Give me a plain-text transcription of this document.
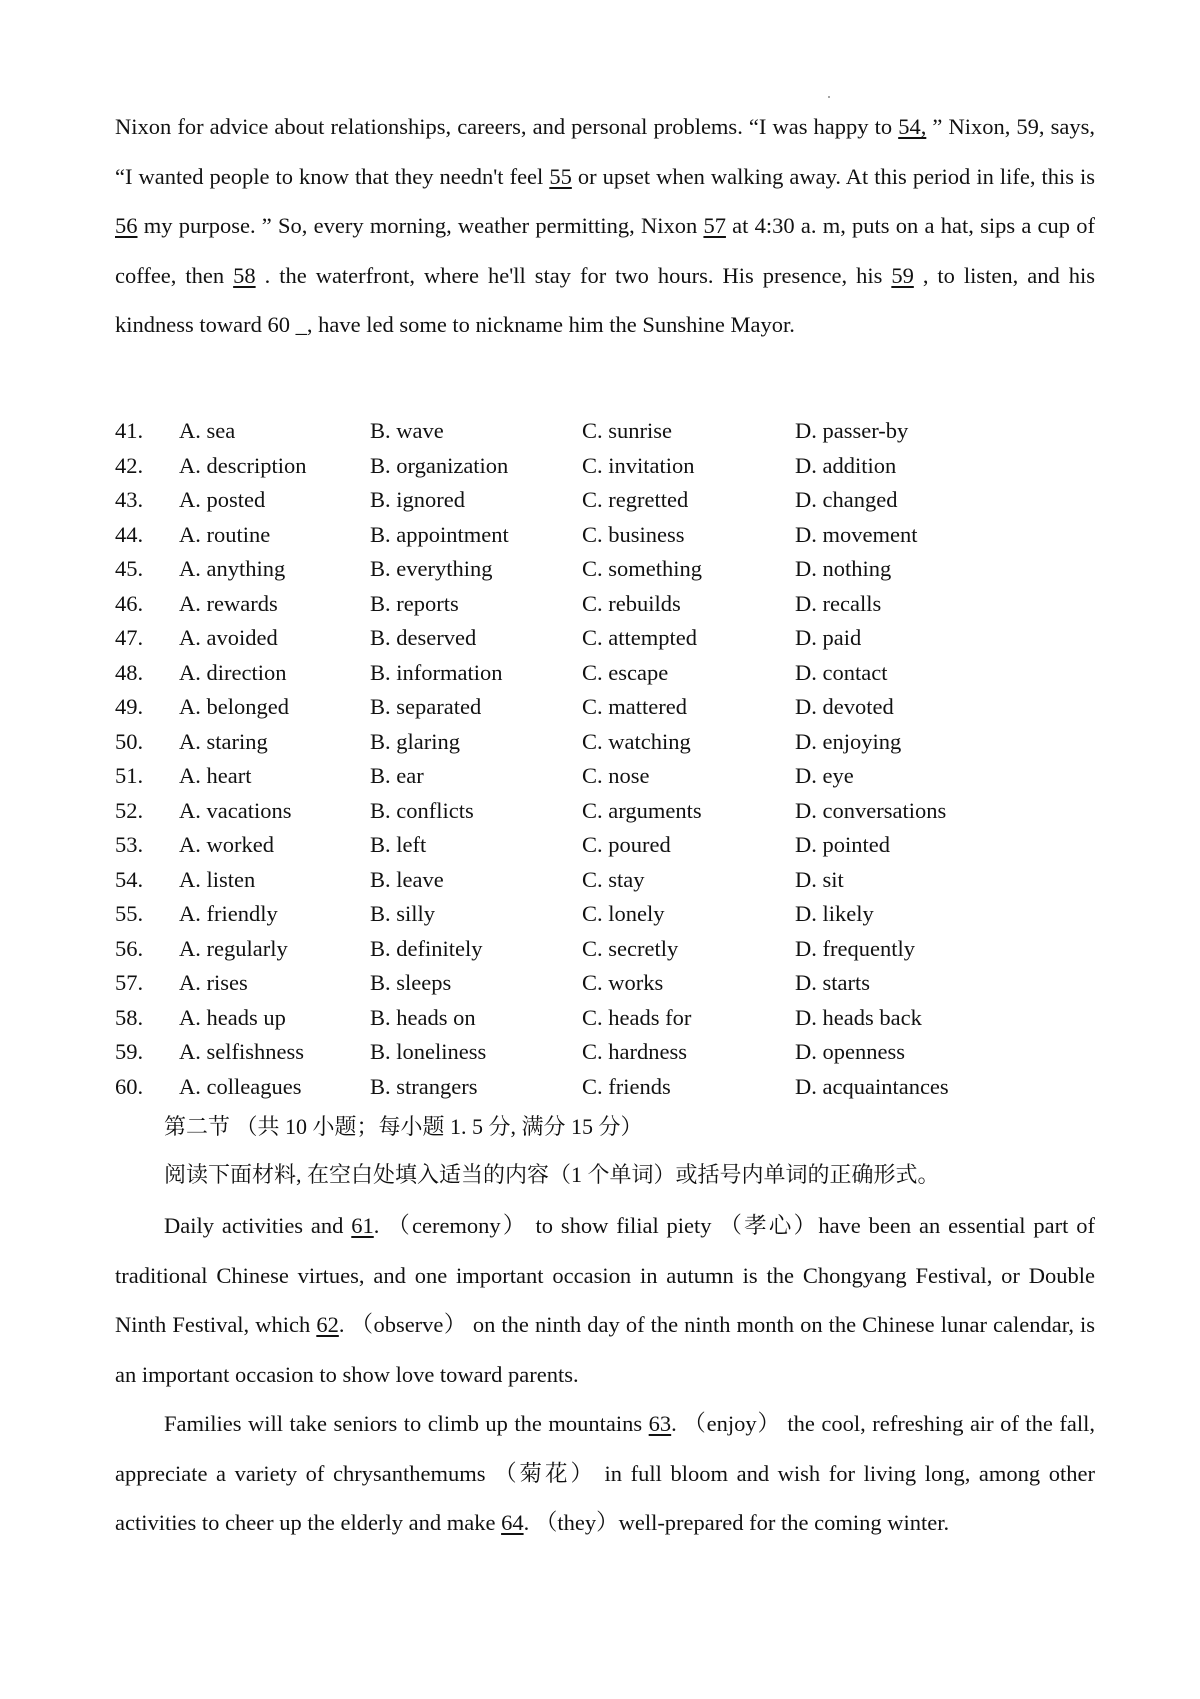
Nixon for advice about relationships, careers, and personal problems. “I was happy to 54, ” Nixon, 59, says, “I wanted people to know that they needn't feel 55 or upset when walking away. At this period in life, this is 56 my purpose. ” So, every morning, weather permitting, Nixon 57 at 4:30 a. m, puts on a hat, sips a cup of coffee, then 58 . the waterfront, where he'll stay for two hours. His presence, his 59 , to listen, and his kindness toward 60 _, have led some to nickname him the Sunshine Mayor.

41. A. sea	B. wave	C. sunrise	D. passer-by
42. A. description	B. organization	C. invitation	D. addition
43. A. posted	B. ignored	C. regretted	D. changed
44. A. routine	B. appointment	C. business	D. movement
45. A. anything	B. everything	C. something	D. nothing
46. A. rewards	B. reports	C. rebuilds	D. recalls
47. A. avoided	B. deserved	C. attempted	D. paid
48. A. direction	B. information	C. escape	D. contact
49. A. belonged	B. separated	C. mattered	D. devoted
50. A. staring	B. glaring	C. watching	D. enjoying
51. A. heart	B. ear	C. nose	D. eye
52. A. vacations	B. conflicts	C. arguments	D. conversations
53. A. worked	B. left	C. poured	D. pointed
54. A. listen	B. leave	C. stay	D. sit
55. A. friendly	B. silly	C. lonely	D. likely
56. A. regularly	B. definitely	C. secretly	D. frequently
57. A. rises	B. sleeps	C. works	D. starts
58. A. heads up	B. heads on	C. heads for	D. heads back
59. A. selfishness	B. loneliness	C. hardness	D. openness
60. A. colleagues	B. strangers	C. friends	D. acquaintances
第二节 （共 10 小题；每小题 1. 5 分, 满分 15 分）
阅读下面材料, 在空白处填入适当的内容（1 个单词）或括号内单词的正确形式。

Daily activities and 61. （ceremony） to show filial piety （孝心）have been an essential part of traditional Chinese virtues, and one important occasion in autumn is the Chongyang Festival, or Double Ninth Festival, which 62. （observe） on the ninth day of the ninth month on the Chinese lunar calendar, is an important occasion to show love toward parents.

Families will take seniors to climb up the mountains 63. （enjoy） the cool, refreshing air of the fall, appreciate a variety of chrysanthemums （菊花） in full bloom and wish for living long, among other activities to cheer up the elderly and make 64. （they）well-prepared for the coming winter.
